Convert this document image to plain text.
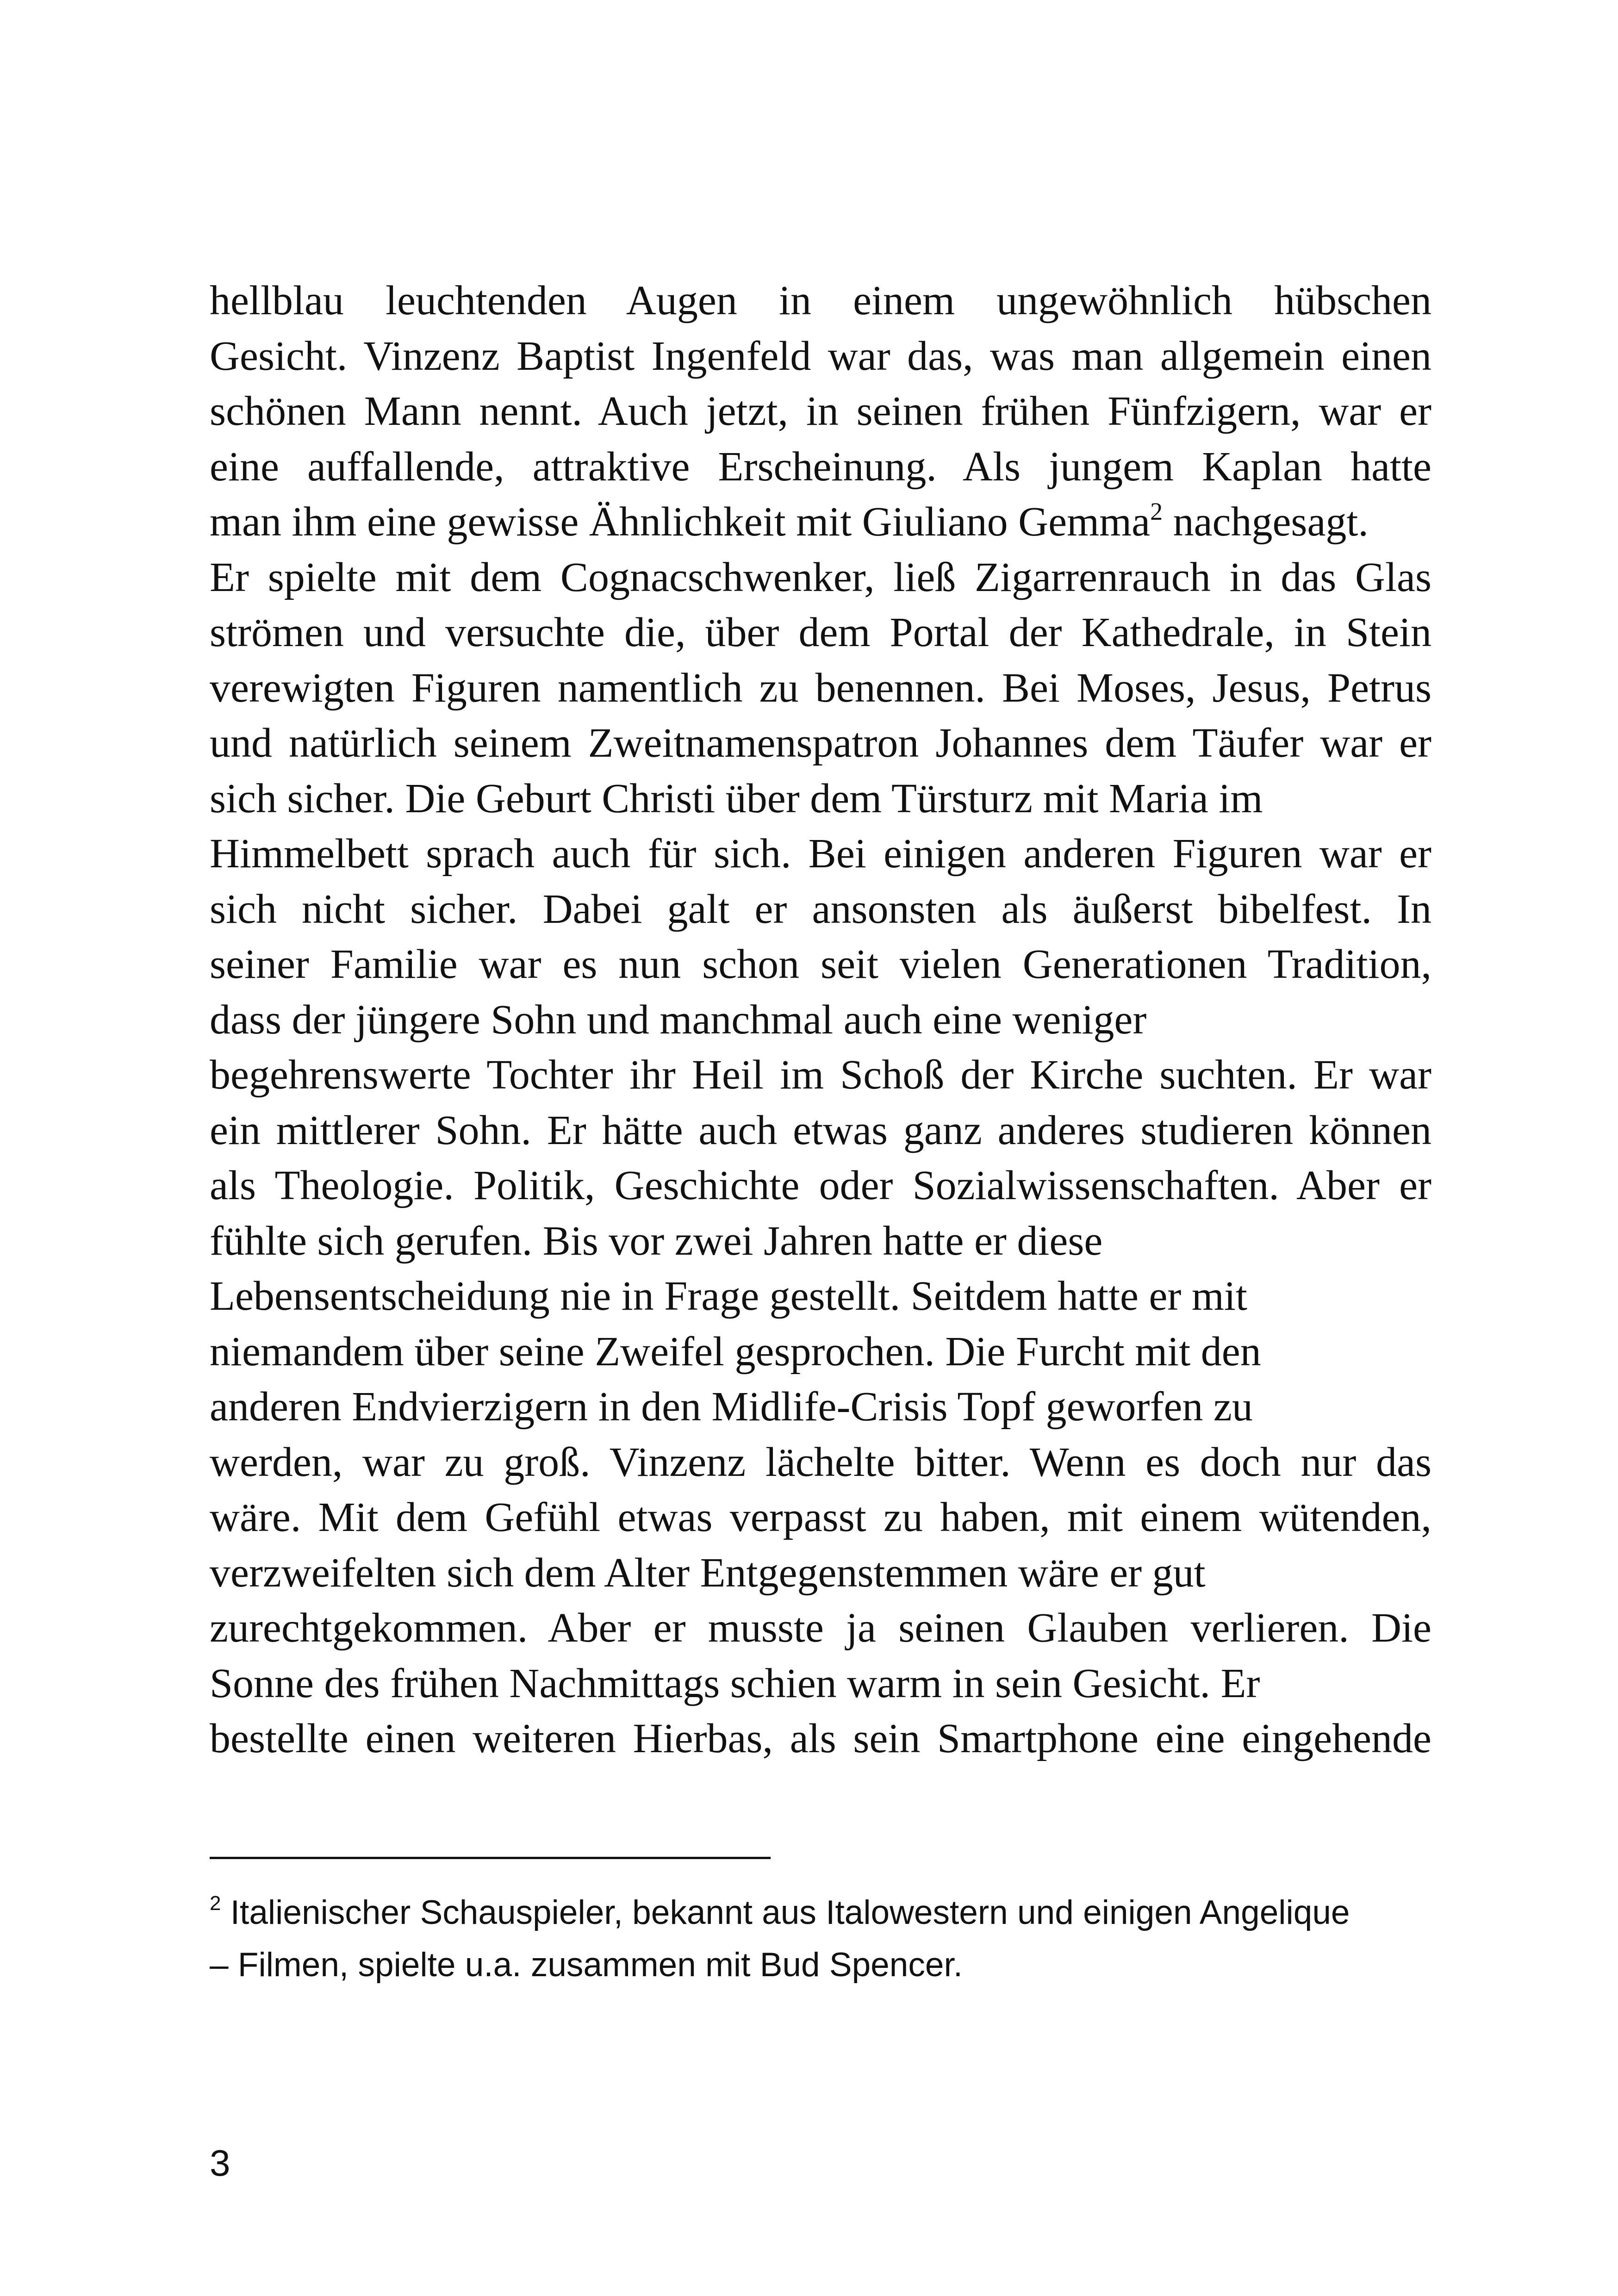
hellblau leuchtenden Augen in einem ungewöhnlich hübschen
Gesicht. Vinzenz Baptist Ingenfeld war das, was man allgemein einen
schönen Mann nennt. Auch jetzt, in seinen frühen Fünfzigern, war er
eine auffallende, attraktive Erscheinung. Als jungem Kaplan hatte
man ihm eine gewisse Ähnlichkeit mit Giuliano Gemma$^2$ nachgesagt.
Er spielte mit dem Cognacschwenker, ließ Zigarrenrauch in das Glas
strömen und versuchte die, über dem Portal der Kathedrale, in Stein
verewigten Figuren namentlich zu benennen. Bei Moses, Jesus, Petrus
und natürlich seinem Zweitnamenspatron Johannes dem Täufer war er
sich sicher. Die Geburt Christi über dem Türsturz mit Maria im
Himmelbett sprach auch für sich. Bei einigen anderen Figuren war er
sich nicht sicher. Dabei galt er ansonsten als äußerst bibelfest. In
seiner Familie war es nun schon seit vielen Generationen Tradition,
dass der jüngere Sohn und manchmal auch eine weniger
begehrenswerte Tochter ihr Heil im Schoß der Kirche suchten. Er war
ein mittlerer Sohn. Er hätte auch etwas ganz anderes studieren können
als Theologie. Politik, Geschichte oder Sozialwissenschaften. Aber er
fühlte sich gerufen. Bis vor zwei Jahren hatte er diese
Lebensentscheidung nie in Frage gestellt. Seitdem hatte er mit
niemandem über seine Zweifel gesprochen. Die Furcht mit den
anderen Endvierzigern in den Midlife-Crisis Topf geworfen zu
werden, war zu groß. Vinzenz lächelte bitter. Wenn es doch nur das
wäre. Mit dem Gefühl etwas verpasst zu haben, mit einem wütenden,
verzweifelten sich dem Alter Entgegenstemmen wäre er gut
zurechtgekommen. Aber er musste ja seinen Glauben verlieren. Die
Sonne des frühen Nachmittags schien warm in sein Gesicht. Er
bestellte einen weiteren Hierbas, als sein Smartphone eine eingehende
$^2$ Italienischer Schauspieler, bekannt aus Italowestern und einigen Angelique
– Filmen, spielte u.a. zusammen mit Bud Spencer.
3
